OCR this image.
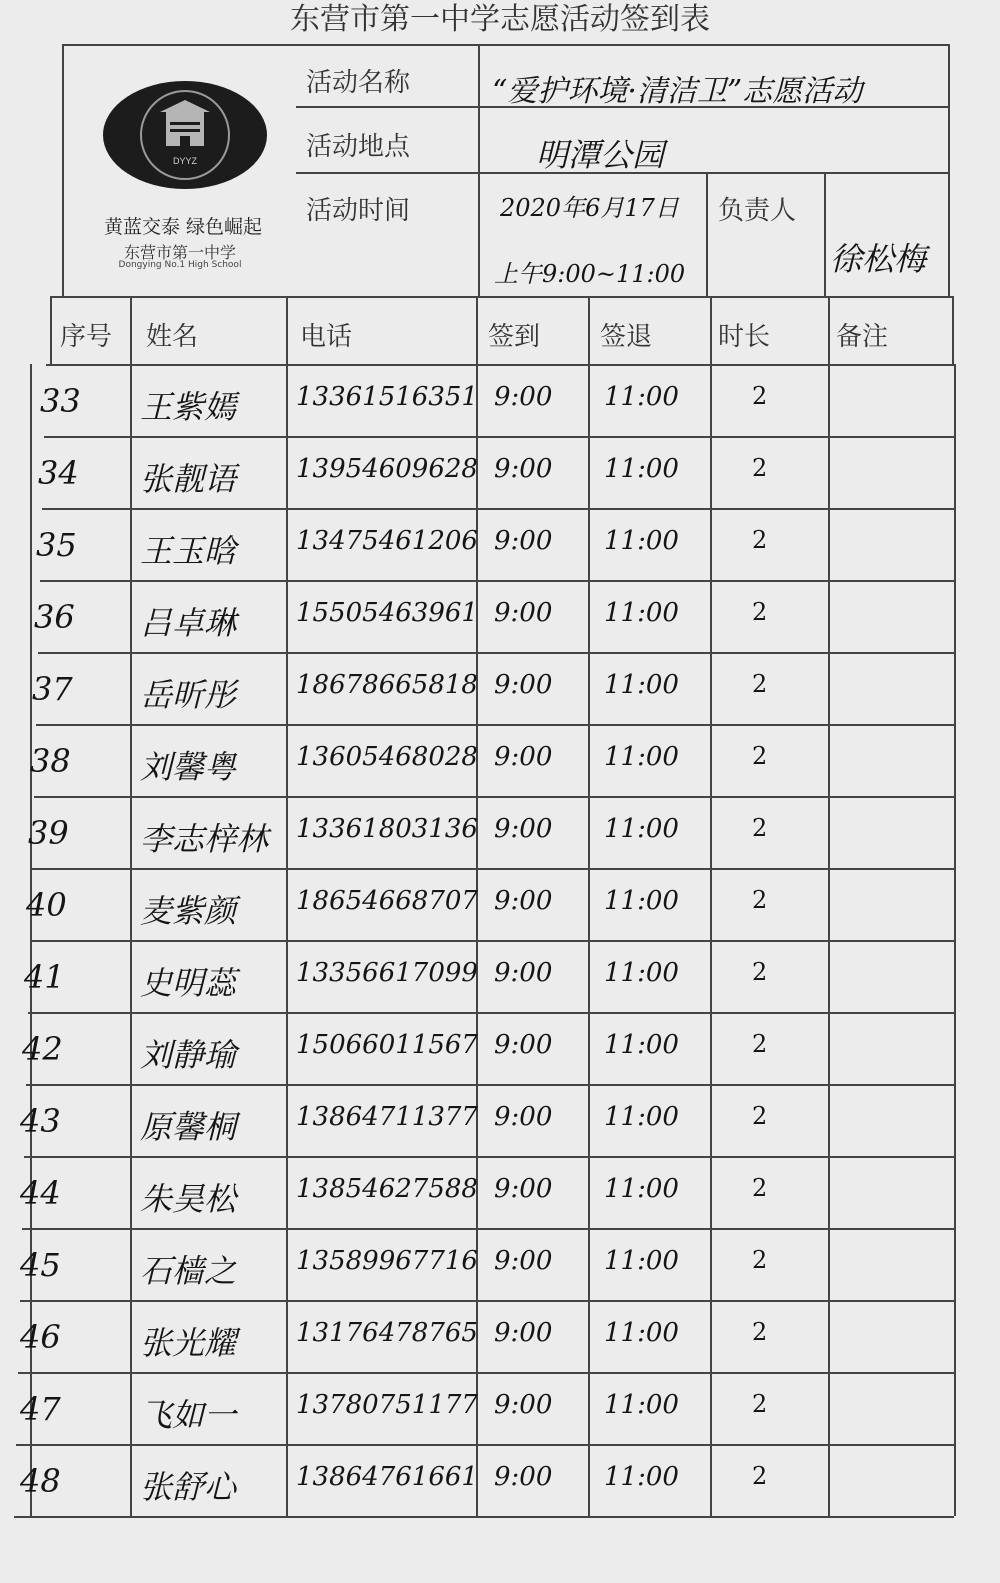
东营市第一中学志愿活动签到表
DYYZ
黄蓝交泰 绿色崛起
东营市第一中学
Dongying No.1 High School
活动名称	“爱护环境·清洁卫”志愿活动
活动地点	明潭公园
活动时间	2020年6月17日
上午9:00~11:00
负责人
徐松梅
序号 姓名	电话	签到 签退	时长	备注
33 王紫嫣 13361516351 9:00 11:00	2
34 张靓语 13954609628 9:00 11:00	2
35 王玉晗 13475461206 9:00 11:00	2
36 吕卓琳 15505463961 9:00 11:00	2
37 岳昕彤 18678665818 9:00 11:00	2
38 刘馨粤 13605468028 9:00 11:00	2
39 李志梓林 13361803136 9:00 11:00	2
40 麦紫颜 18654668707 9:00 11:00	2
41 史明蕊 13356617099 9:00 11:00	2
42 刘静瑜 15066011567 9:00 11:00	2
43 原馨桐 13864711377 9:00 11:00	2
44 朱昊松 13854627588 9:00 11:00	2
45 石樯之 13589967716 9:00 11:00	2
46 张光耀 13176478765 9:00 11:00	2
47 飞如一 13780751177 9:00 11:00	2
48 张舒心 13864761661 9:00 11:00	2
